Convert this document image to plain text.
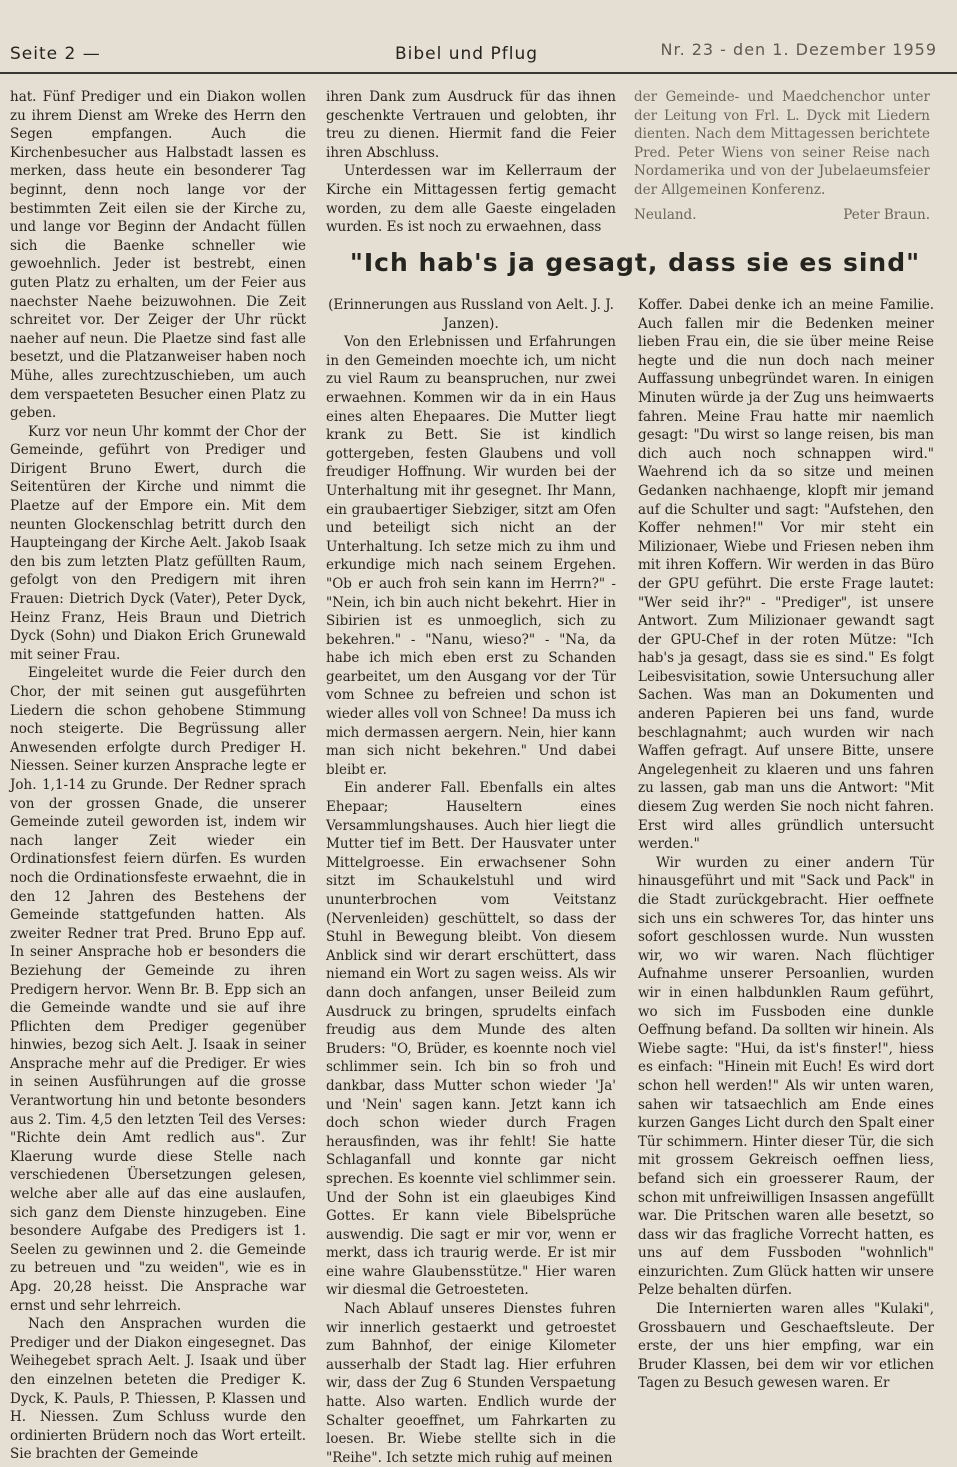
Seite 2 —	Bibel und Pflug	Nr. 23 - den 1. Dezember 1959

hat. Fünf Prediger und ein Diakon wollen zu ihrem Dienst am Wreke des Herrn den Segen empfangen. Auch die Kirchenbesucher aus Halbstadt lassen es merken, dass heute ein besonderer Tag beginnt, denn noch lange vor der bestimmten Zeit eilen sie der Kirche zu, und lange vor Beginn der Andacht füllen sich die Baenke schneller wie gewoehnlich. Jeder ist bestrebt, einen guten Platz zu erhalten, um der Feier aus naechster Naehe beizuwohnen. Die Zeit schreitet vor. Der Zeiger der Uhr rückt naeher auf neun. Die Plaetze sind fast alle besetzt, und die Platzanweiser haben noch Mühe, alles zurechtzuschieben, um auch dem verspaeteten Besucher einen Platz zu geben.

Kurz vor neun Uhr kommt der Chor der Gemeinde, geführt von Prediger und Dirigent Bruno Ewert, durch die Seitentüren der Kirche und nimmt die Plaetze auf der Empore ein. Mit dem neunten Glockenschlag betritt durch den Haupteingang der Kirche Aelt. Jakob Isaak den bis zum letzten Platz gefüllten Raum, gefolgt von den Predigern mit ihren Frauen: Dietrich Dyck (Vater), Peter Dyck, Heinz Franz, Heis Braun und Dietrich Dyck (Sohn) und Diakon Erich Grunewald mit seiner Frau.

Eingeleitet wurde die Feier durch den Chor, der mit seinen gut ausgeführten Liedern die schon gehobene Stimmung noch steigerte. Die Begrüssung aller Anwesenden erfolgte durch Prediger H. Niessen. Seiner kurzen Ansprache legte er Joh. 1,1-14 zu Grunde. Der Redner sprach von der grossen Gnade, die unserer Gemeinde zuteil geworden ist, indem wir nach langer Zeit wieder ein Ordinationsfest feiern dürfen. Es wurden noch die Ordinationsfeste erwaehnt, die in den 12 Jahren des Bestehens der Gemeinde stattgefunden hatten. Als zweiter Redner trat Pred. Bruno Epp auf. In seiner Ansprache hob er besonders die Beziehung der Gemeinde zu ihren Predigern hervor. Wenn Br. B. Epp sich an die Gemeinde wandte und sie auf ihre Pflichten dem Prediger gegenüber hinwies, bezog sich Aelt. J. Isaak in seiner Ansprache mehr auf die Prediger. Er wies in seinen Ausführungen auf die grosse Verantwortung hin und betonte besonders aus 2. Tim. 4,5 den letzten Teil des Verses: "Richte dein Amt redlich aus". Zur Klaerung wurde diese Stelle nach verschiedenen Übersetzungen gelesen, welche aber alle auf das eine auslaufen, sich ganz dem Dienste hinzugeben. Eine besondere Aufgabe des Predigers ist 1. Seelen zu gewinnen und 2. die Gemeinde zu betreuen und "zu weiden", wie es in Apg. 20,28 heisst. Die Ansprache war ernst und sehr lehrreich.

Nach den Ansprachen wurden die Prediger und der Diakon eingesegnet. Das Weihegebet sprach Aelt. J. Isaak und über den einzelnen beteten die Prediger K. Dyck, K. Pauls, P. Thiessen, P. Klassen und H. Niessen. Zum Schluss wurde den ordinierten Brüdern noch das Wort erteilt. Sie brachten der Gemeinde

ihren Dank zum Ausdruck für das ihnen geschenkte Vertrauen und gelobten, ihr treu zu dienen. Hiermit fand die Feier ihren Abschluss.

Unterdessen war im Kellerraum der Kirche ein Mittagessen fertig gemacht worden, zu dem alle Gaeste eingeladen wurden. Es ist noch zu erwaehnen, dass

der Gemeinde- und Maedchenchor unter der Leitung von Frl. L. Dyck mit Liedern dienten. Nach dem Mittagessen berichtete Pred. Peter Wiens von seiner Reise nach Nordamerika und von der Jubelaeumsfeier der Allgemeinen Konferenz.

Neuland.	Peter Braun.
"Ich hab's ja gesagt, dass sie es sind"

(Erinnerungen aus Russland von Aelt. J. J. Janzen).

Von den Erlebnissen und Erfahrungen in den Gemeinden moechte ich, um nicht zu viel Raum zu beanspruchen, nur zwei erwaehnen. Kommen wir da in ein Haus eines alten Ehepaares. Die Mutter liegt krank zu Bett. Sie ist kindlich gottergeben, festen Glaubens und voll freudiger Hoffnung. Wir wurden bei der Unterhaltung mit ihr gesegnet. Ihr Mann, ein graubaertiger Siebziger, sitzt am Ofen und beteiligt sich nicht an der Unterhaltung. Ich setze mich zu ihm und erkundige mich nach seinem Ergehen. "Ob er auch froh sein kann im Herrn?" - "Nein, ich bin auch nicht bekehrt. Hier in Sibirien ist es unmoeglich, sich zu bekehren." - "Nanu, wieso?" - "Na, da habe ich mich eben erst zu Schanden gearbeitet, um den Ausgang vor der Tür vom Schnee zu befreien und schon ist wieder alles voll von Schnee! Da muss ich mich dermassen aergern. Nein, hier kann man sich nicht bekehren." Und dabei bleibt er.

Ein anderer Fall. Ebenfalls ein altes Ehepaar; Hauseltern eines Versammlungshauses. Auch hier liegt die Mutter tief im Bett. Der Hausvater unter Mittelgroesse. Ein erwachsener Sohn sitzt im Schaukelstuhl und wird ununterbrochen vom Veitstanz (Nervenleiden) geschüttelt, so dass der Stuhl in Bewegung bleibt. Von diesem Anblick sind wir derart erschüttert, dass niemand ein Wort zu sagen weiss. Als wir dann doch anfangen, unser Beileid zum Ausdruck zu bringen, sprudelts einfach freudig aus dem Munde des alten Bruders: "O, Brüder, es koennte noch viel schlimmer sein. Ich bin so froh und dankbar, dass Mutter schon wieder 'Ja' und 'Nein' sagen kann. Jetzt kann ich doch schon wieder durch Fragen herausfinden, was ihr fehlt! Sie hatte Schlaganfall und konnte gar nicht sprechen. Es koennte viel schlimmer sein. Und der Sohn ist ein glaeubiges Kind Gottes. Er kann viele Bibelsprüche auswendig. Die sagt er mir vor, wenn er merkt, dass ich traurig werde. Er ist mir eine wahre Glaubensstütze." Hier waren wir diesmal die Getroesteten.

Nach Ablauf unseres Dienstes fuhren wir innerlich gestaerkt und getroestet zum Bahnhof, der einige Kilometer ausserhalb der Stadt lag. Hier erfuhren wir, dass der Zug 6 Stunden Verspaetung hatte. Also warten. Endlich wurde der Schalter geoeffnet, um Fahrkarten zu loesen. Br. Wiebe stellte sich in die "Reihe". Ich setzte mich ruhig auf meinen

Koffer. Dabei denke ich an meine Familie. Auch fallen mir die Bedenken meiner lieben Frau ein, die sie über meine Reise hegte und die nun doch nach meiner Auffassung unbegründet waren. In einigen Minuten würde ja der Zug uns heimwaerts fahren. Meine Frau hatte mir naemlich gesagt: "Du wirst so lange reisen, bis man dich auch noch schnappen wird." Waehrend ich da so sitze und meinen Gedanken nachhaenge, klopft mir jemand auf die Schulter und sagt: "Aufstehen, den Koffer nehmen!" Vor mir steht ein Milizionaer, Wiebe und Friesen neben ihm mit ihren Koffern. Wir werden in das Büro der GPU geführt. Die erste Frage lautet: "Wer seid ihr?" - "Prediger", ist unsere Antwort. Zum Milizionaer gewandt sagt der GPU-Chef in der roten Mütze: "Ich hab's ja gesagt, dass sie es sind." Es folgt Leibesvisitation, sowie Untersuchung aller Sachen. Was man an Dokumenten und anderen Papieren bei uns fand, wurde beschlagnahmt; auch wurden wir nach Waffen gefragt. Auf unsere Bitte, unsere Angelegenheit zu klaeren und uns fahren zu lassen, gab man uns die Antwort: "Mit diesem Zug werden Sie noch nicht fahren. Erst wird alles gründlich untersucht werden."

Wir wurden zu einer andern Tür hinausgeführt und mit "Sack und Pack" in die Stadt zurückgebracht. Hier oeffnete sich uns ein schweres Tor, das hinter uns sofort geschlossen wurde. Nun wussten wir, wo wir waren. Nach flüchtiger Aufnahme unserer Persoanlien, wurden wir in einen halbdunklen Raum geführt, wo sich im Fussboden eine dunkle Oeffnung befand. Da sollten wir hinein. Als Wiebe sagte: "Hui, da ist's finster!", hiess es einfach: "Hinein mit Euch! Es wird dort schon hell werden!" Als wir unten waren, sahen wir tatsaechlich am Ende eines kurzen Ganges Licht durch den Spalt einer Tür schimmern. Hinter dieser Tür, die sich mit grossem Gekreisch oeffnen liess, befand sich ein groesserer Raum, der schon mit unfreiwilligen Insassen angefüllt war. Die Pritschen waren alle besetzt, so dass wir das fragliche Vorrecht hatten, es uns auf dem Fussboden "wohnlich" einzurichten. Zum Glück hatten wir unsere Pelze behalten dürfen.

Die Internierten waren alles "Kulaki", Grossbauern und Geschaeftsleute. Der erste, der uns hier empfing, war ein Bruder Klassen, bei dem wir vor etlichen Tagen zu Besuch gewesen waren. Er
